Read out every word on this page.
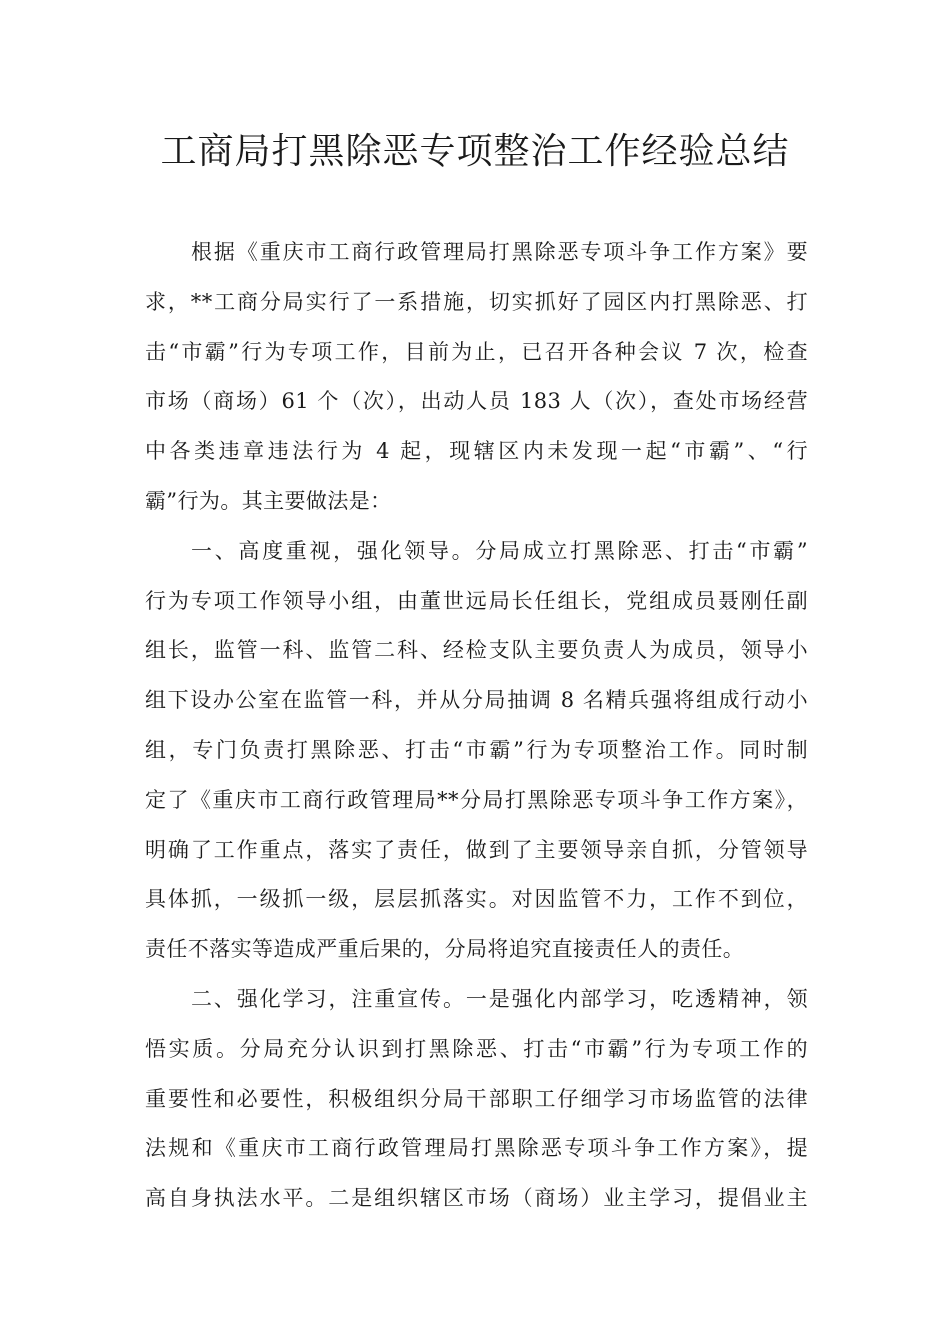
工商局打黑除恶专项整治工作经验总结
根据《重庆市工商行政管理局打黑除恶专项斗争工作方案》要
求，**工商分局实行了一系措施，切实抓好了园区内打黑除恶、打
击“市霸”行为专项工作，目前为止，已召开各种会议 7 次，检查
市场（商场）61 个（次），出动人员 183 人（次），查处市场经营
中各类违章违法行为 4 起，现辖区内未发现一起“市霸”、“行
霸”行为。其主要做法是：
一、高度重视，强化领导。分局成立打黑除恶、打击“市霸”
行为专项工作领导小组，由董世远局长任组长，党组成员聂刚任副
组长，监管一科、监管二科、经检支队主要负责人为成员，领导小
组下设办公室在监管一科，并从分局抽调 8 名精兵强将组成行动小
组，专门负责打黑除恶、打击“市霸”行为专项整治工作。同时制
定了《重庆市工商行政管理局**分局打黑除恶专项斗争工作方案》，
明确了工作重点，落实了责任，做到了主要领导亲自抓，分管领导
具体抓，一级抓一级，层层抓落实。对因监管不力，工作不到位，
责任不落实等造成严重后果的，分局将追究直接责任人的责任。
二、强化学习，注重宣传。一是强化内部学习，吃透精神，领
悟实质。分局充分认识到打黑除恶、打击“市霸”行为专项工作的
重要性和必要性，积极组织分局干部职工仔细学习市场监管的法律
法规和《重庆市工商行政管理局打黑除恶专项斗争工作方案》，提
高自身执法水平。二是组织辖区市场（商场）业主学习，提倡业主
